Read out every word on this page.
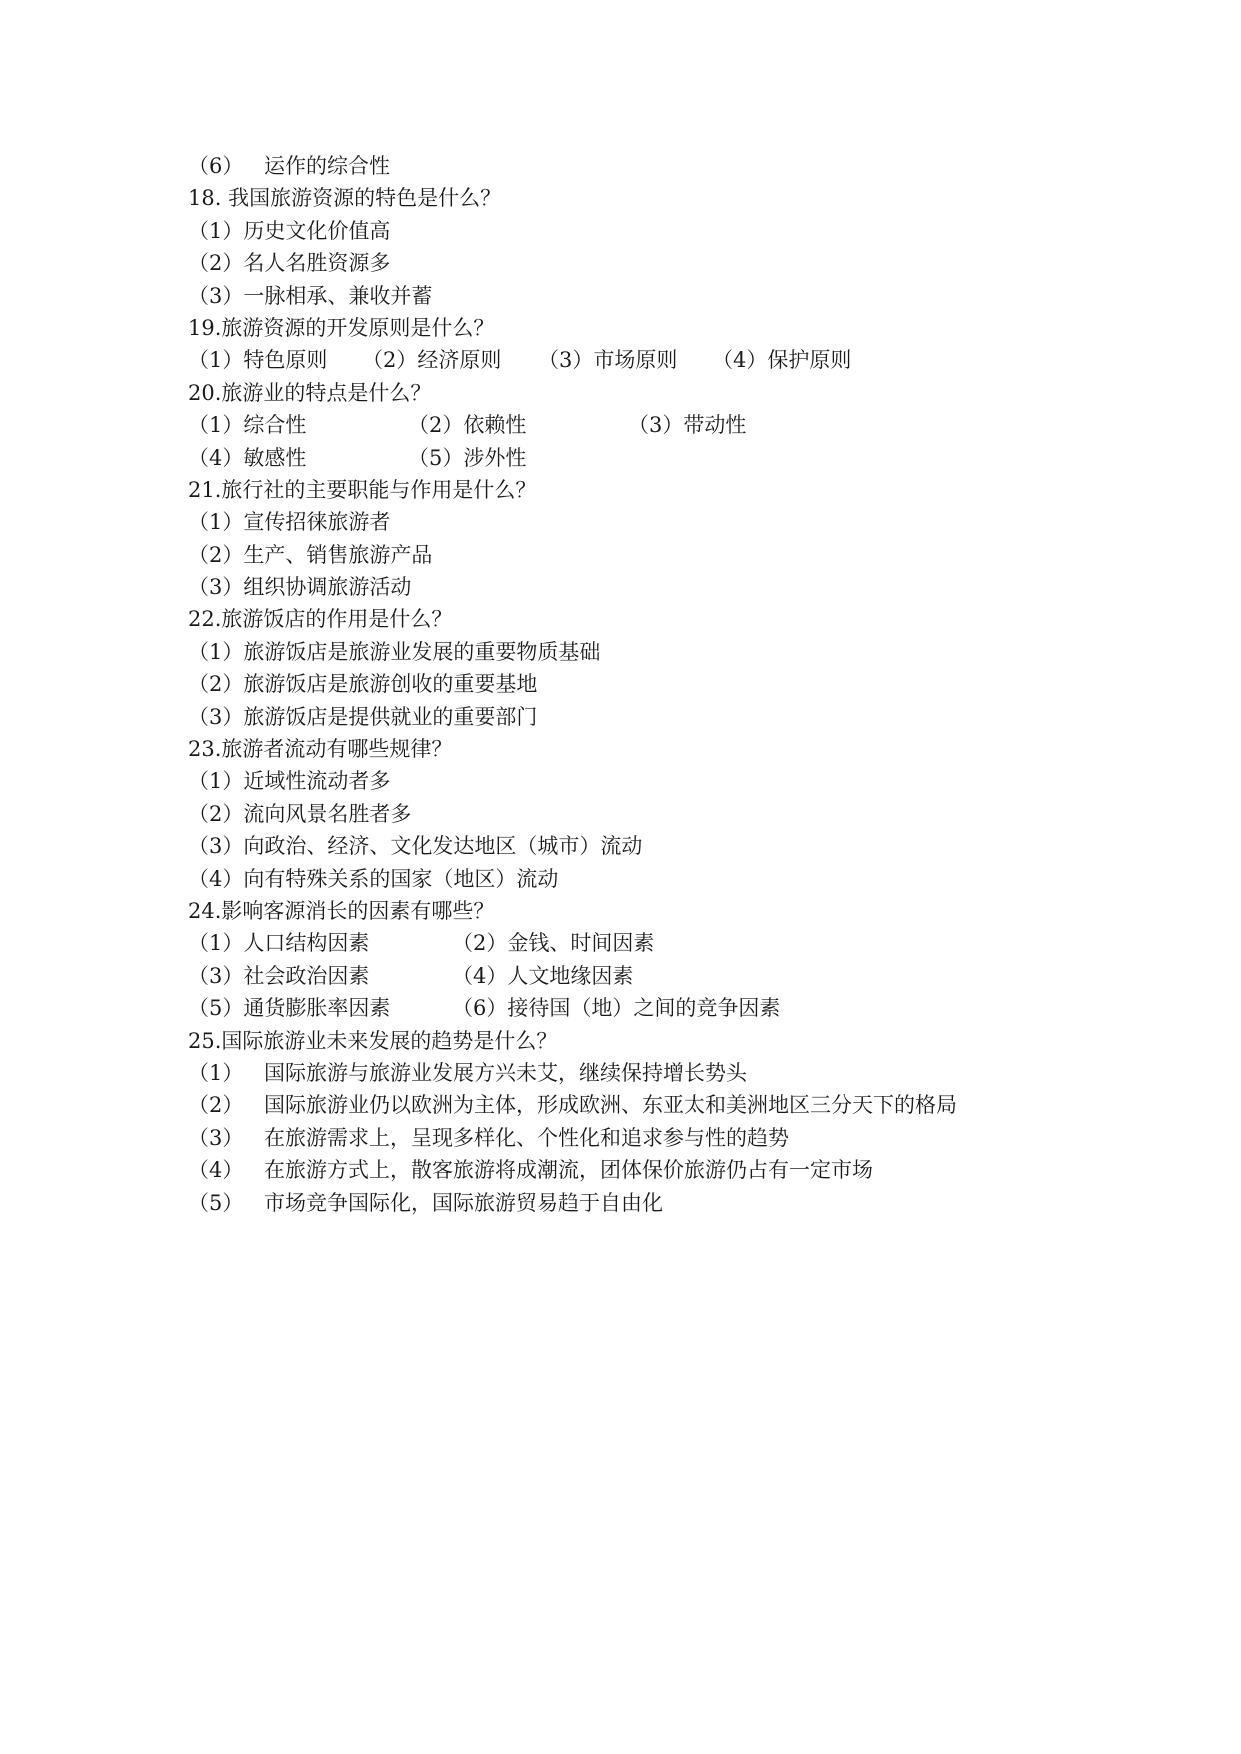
（6） 运作的综合性
18. 我国旅游资源的特色是什么？
（1）历史文化价值高
（2）名人名胜资源多
（3）一脉相承、兼收并蓄
19.旅游资源的开发原则是什么？
（1）特色原则 （2）经济原则 （3）市场原则 （4）保护原则
20.旅游业的特点是什么？
（1）综合性	（2）依赖性	（3）带动性
（4）敏感性	（5）涉外性
21.旅行社的主要职能与作用是什么？
（1）宣传招徕旅游者
（2）生产、销售旅游产品
（3）组织协调旅游活动
22.旅游饭店的作用是什么？
（1）旅游饭店是旅游业发展的重要物质基础
（2）旅游饭店是旅游创收的重要基地
（3）旅游饭店是提供就业的重要部门
23.旅游者流动有哪些规律？
（1）近域性流动者多
（2）流向风景名胜者多
（3）向政治、经济、文化发达地区（城市）流动
（4）向有特殊关系的国家（地区）流动
24.影响客源消长的因素有哪些？
（1）人口结构因素	（2）金钱、时间因素
（3）社会政治因素	（4）人文地缘因素
（5）通货膨胀率因素	（6）接待国（地）之间的竞争因素
25.国际旅游业未来发展的趋势是什么？
（1） 国际旅游与旅游业发展方兴未艾，继续保持增长势头
（2） 国际旅游业仍以欧洲为主体，形成欧洲、东亚太和美洲地区三分天下的格局
（3） 在旅游需求上，呈现多样化、个性化和追求参与性的趋势
（4） 在旅游方式上，散客旅游将成潮流，团体保价旅游仍占有一定市场
（5） 市场竞争国际化，国际旅游贸易趋于自由化
